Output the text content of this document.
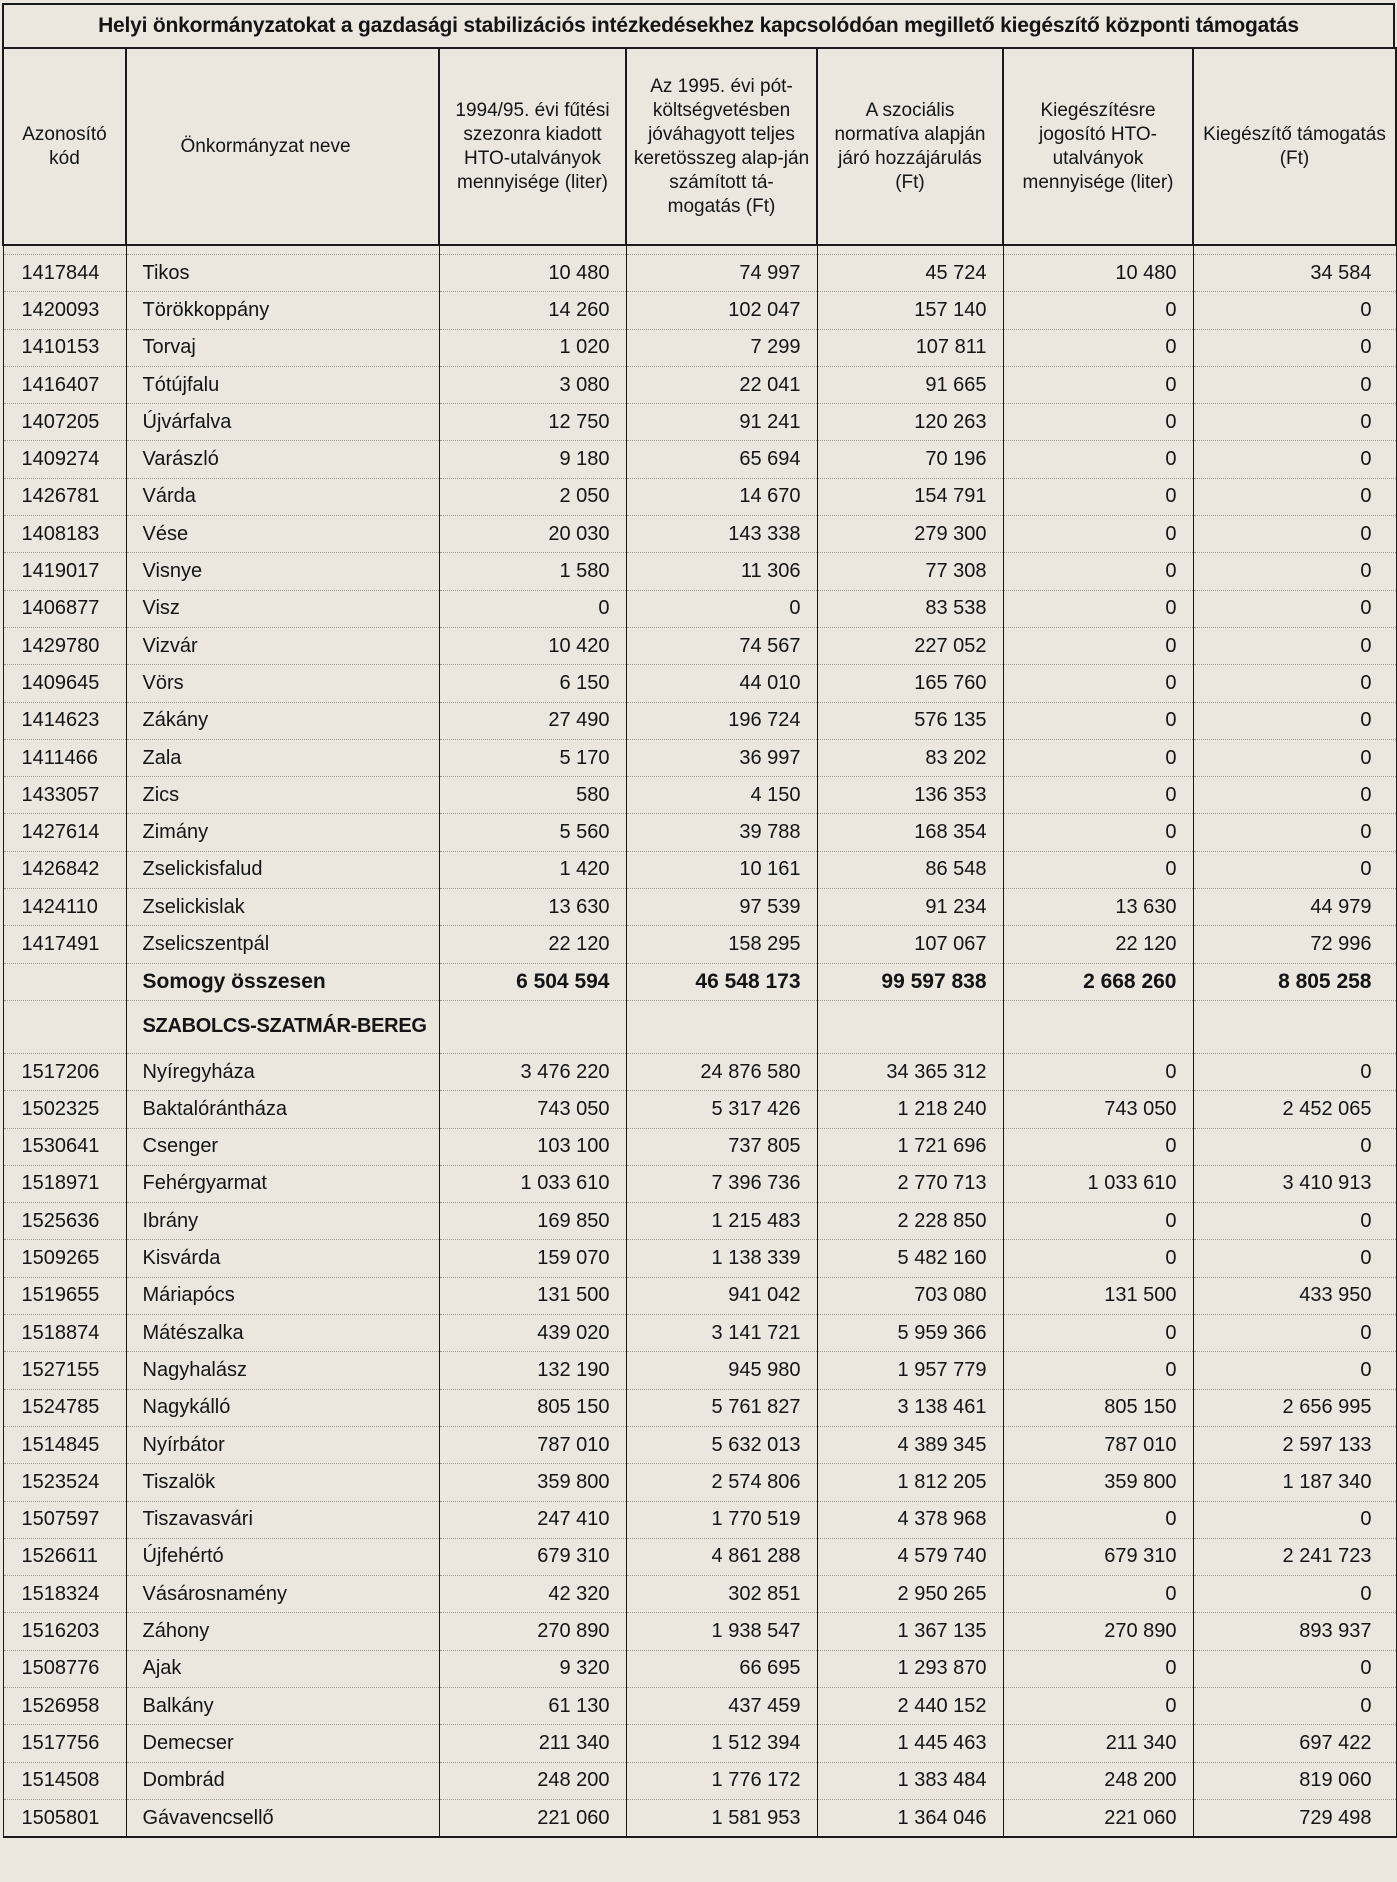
Helyi önkormányzatokat a gazdasági stabilizációs intézkedésekhez kapcsolódóan megillető kiegészítő központi támogatás
Azonosító kód	Önkormányzat neve	1994/95. évi fűtési szezonra kiadott HTO-utalványok mennyisége (liter)	Az 1995. évi pót-költségvetésben jóváhagyott teljes keretösszeg alap-ján számított tá-mogatás (Ft)	A szociális normatíva alapján járó hozzájárulás (Ft)	Kiegészítésre jogosító HTO-utalványok mennyisége (liter)	Kiegészítő támogatás (Ft)

1417844	Tikos	10 480	74 997	45 724	10 480	34 584
1420093	Törökkoppány	14 260	102 047	157 140	0	0
1410153	Torvaj	1 020	7 299	107 811	0	0
1416407	Tótújfalu	3 080	22 041	91 665	0	0
1407205	Újvárfalva	12 750	91 241	120 263	0	0
1409274	Varászló	9 180	65 694	70 196	0	0
1426781	Várda	2 050	14 670	154 791	0	0
1408183	Vése	20 030	143 338	279 300	0	0
1419017	Visnye	1 580	11 306	77 308	0	0
1406877	Visz	0	0	83 538	0	0
1429780	Vizvár	10 420	74 567	227 052	0	0
1409645	Vörs	6 150	44 010	165 760	0	0
1414623	Zákány	27 490	196 724	576 135	0	0
1411466	Zala	5 170	36 997	83 202	0	0
1433057	Zics	580	4 150	136 353	0	0
1427614	Zimány	5 560	39 788	168 354	0	0
1426842	Zselickisfalud	1 420	10 161	86 548	0	0
1424110	Zselickislak	13 630	97 539	91 234	13 630	44 979
1417491	Zselicszentpál	22 120	158 295	107 067	22 120	72 996
	Somogy összesen	6 504 594	46 548 173	99 597 838	2 668 260	8 805 258
	SZABOLCS-SZATMÁR-BEREG					
1517206	Nyíregyháza	3 476 220	24 876 580	34 365 312	0	0
1502325	Baktalórántháza	743 050	5 317 426	1 218 240	743 050	2 452 065
1530641	Csenger	103 100	737 805	1 721 696	0	0
1518971	Fehérgyarmat	1 033 610	7 396 736	2 770 713	1 033 610	3 410 913
1525636	Ibrány	169 850	1 215 483	2 228 850	0	0
1509265	Kisvárda	159 070	1 138 339	5 482 160	0	0
1519655	Máriapócs	131 500	941 042	703 080	131 500	433 950
1518874	Mátészalka	439 020	3 141 721	5 959 366	0	0
1527155	Nagyhalász	132 190	945 980	1 957 779	0	0
1524785	Nagykálló	805 150	5 761 827	3 138 461	805 150	2 656 995
1514845	Nyírbátor	787 010	5 632 013	4 389 345	787 010	2 597 133
1523524	Tiszalök	359 800	2 574 806	1 812 205	359 800	1 187 340
1507597	Tiszavasvári	247 410	1 770 519	4 378 968	0	0
1526611	Újfehértó	679 310	4 861 288	4 579 740	679 310	2 241 723
1518324	Vásárosnamény	42 320	302 851	2 950 265	0	0
1516203	Záhony	270 890	1 938 547	1 367 135	270 890	893 937
1508776	Ajak	9 320	66 695	1 293 870	0	0
1526958	Balkány	61 130	437 459	2 440 152	0	0
1517756	Demecser	211 340	1 512 394	1 445 463	211 340	697 422
1514508	Dombrád	248 200	1 776 172	1 383 484	248 200	819 060
1505801	Gávavencsellő	221 060	1 581 953	1 364 046	221 060	729 498
